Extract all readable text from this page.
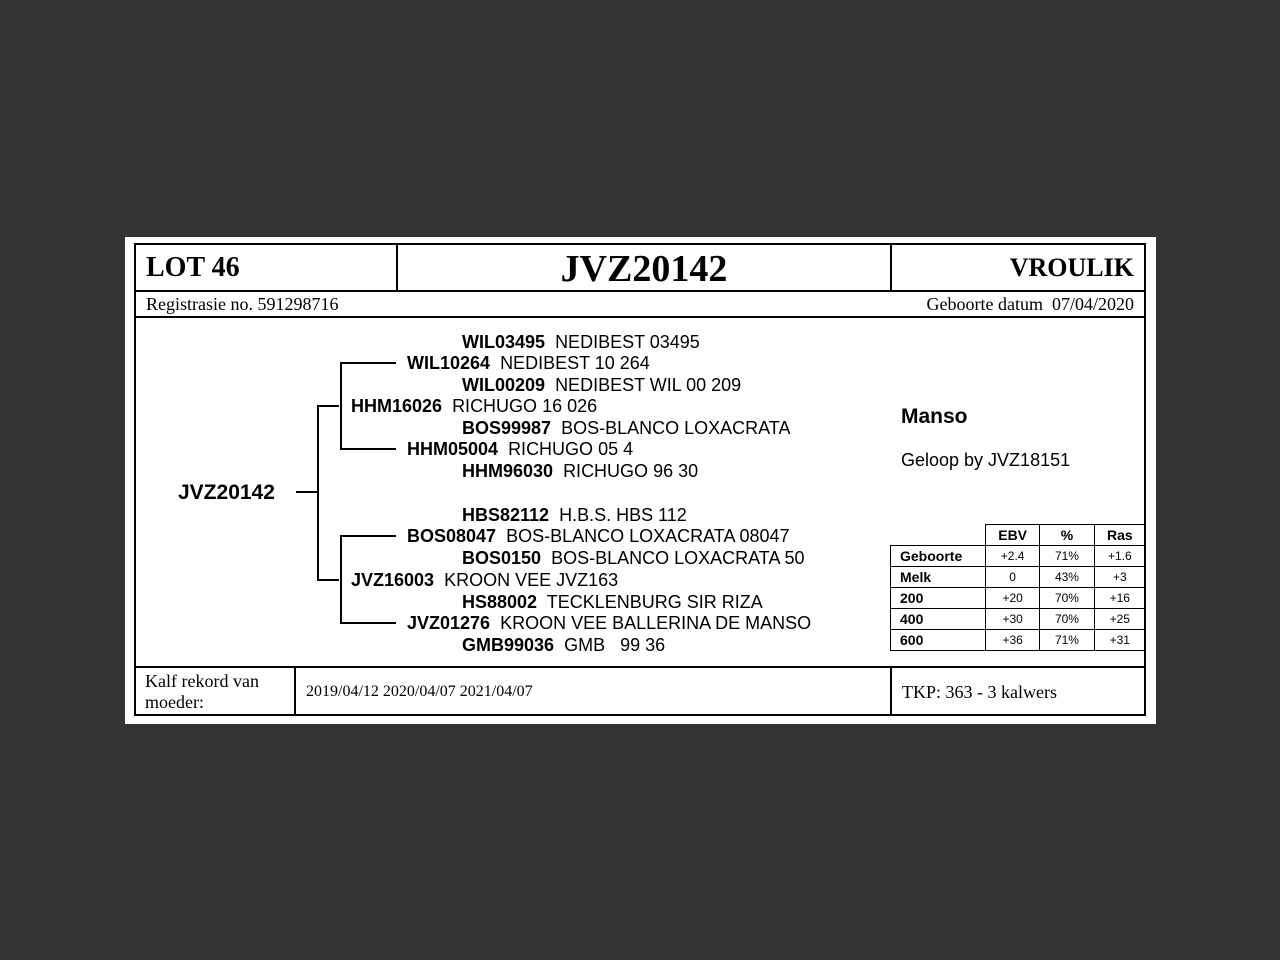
LOT 46	JVZ20142	VROULIK
Registrasie no. 591298716	Geboorte datum 07/04/2020
JVZ20142
WIL03495 NEDIBEST 03495
WIL10264 NEDIBEST 10 264
WIL00209 NEDIBEST WIL 00 209
HHM16026 RICHUGO 16 026
BOS99987 BOS-BLANCO LOXACRATA
HHM05004 RICHUGO 05 4
HHM96030 RICHUGO 96 30
HBS82112 H.B.S. HBS 112
BOS08047 BOS-BLANCO LOXACRATA 08047
BOS0150 BOS-BLANCO LOXACRATA 50
JVZ16003 KROON VEE JVZ163
HS88002 TECKLENBURG SIR RIZA
JVZ01276 KROON VEE BALLERINA DE MANSO
GMB99036 GMB   99 36
Manso
Geloop by JVZ18151
	EBV	%	Ras
Geboorte	+2.4	71%	+1.6
Melk	0	43%	+3
200	+20	70%	+16
400	+30	70%	+25
600	+36	71%	+31
Kalf rekord van moeder:
2019/04/12 2020/04/07 2021/04/07	TKP: 363 - 3 kalwers
